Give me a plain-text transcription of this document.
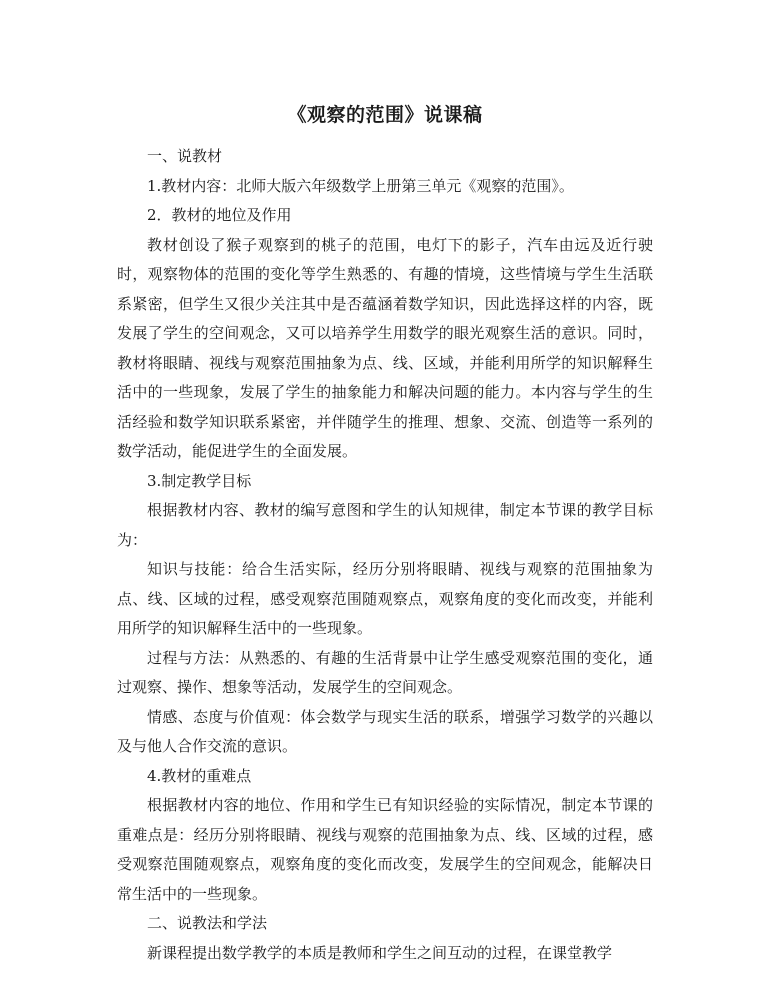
《观察的范围》说课稿

一、说教材

1.教材内容：北师大版六年级数学上册第三单元《观察的范围》。

2．教材的地位及作用

教材创设了猴子观察到的桃子的范围，电灯下的影子，汽车由远及近行驶时，观察物体的范围的变化等学生熟悉的、有趣的情境，这些情境与学生生活联系紧密，但学生又很少关注其中是否蕴涵着数学知识，因此选择这样的内容，既发展了学生的空间观念，又可以培养学生用数学的眼光观察生活的意识。同时，教材将眼睛、视线与观察范围抽象为点、线、区域，并能利用所学的知识解释生活中的一些现象，发展了学生的抽象能力和解决问题的能力。本内容与学生的生活经验和数学知识联系紧密，并伴随学生的推理、想象、交流、创造等一系列的数学活动，能促进学生的全面发展。

3.制定教学目标

根据教材内容、教材的编写意图和学生的认知规律，制定本节课的教学目标为：

知识与技能：给合生活实际，经历分别将眼睛、视线与观察的范围抽象为点、线、区域的过程，感受观察范围随观察点，观察角度的变化而改变，并能利用所学的知识解释生活中的一些现象。

过程与方法：从熟悉的、有趣的生活背景中让学生感受观察范围的变化，通过观察、操作、想象等活动，发展学生的空间观念。

情感、态度与价值观：体会数学与现实生活的联系，增强学习数学的兴趣以及与他人合作交流的意识。

4.教材的重难点

根据教材内容的地位、作用和学生已有知识经验的实际情况，制定本节课的重难点是：经历分别将眼睛、视线与观察的范围抽象为点、线、区域的过程，感受观察范围随观察点，观察角度的变化而改变，发展学生的空间观念，能解决日常生活中的一些现象。

二、说教法和学法

新课程提出数学教学的本质是教师和学生之间互动的过程，在课堂教学
